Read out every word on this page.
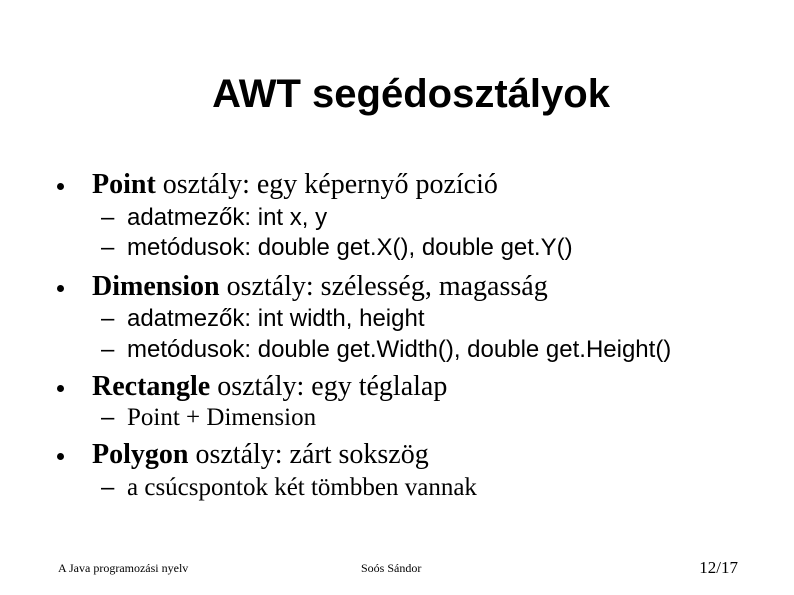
AWT segédosztályok
Point osztály: egy képernyő pozíció
– adatmezők: int x, y
– metódusok: double get.X(), double get.Y()
Dimension osztály: szélesség, magasság
– adatmezők: int width, height
– metódusok: double get.Width(), double get.Height()
Rectangle osztály: egy téglalap
– Point + Dimension
Polygon osztály: zárt sokszög
– a csúcspontok két tömbben vannak
A Java programozási nyelv	Soós Sándor	12/17
